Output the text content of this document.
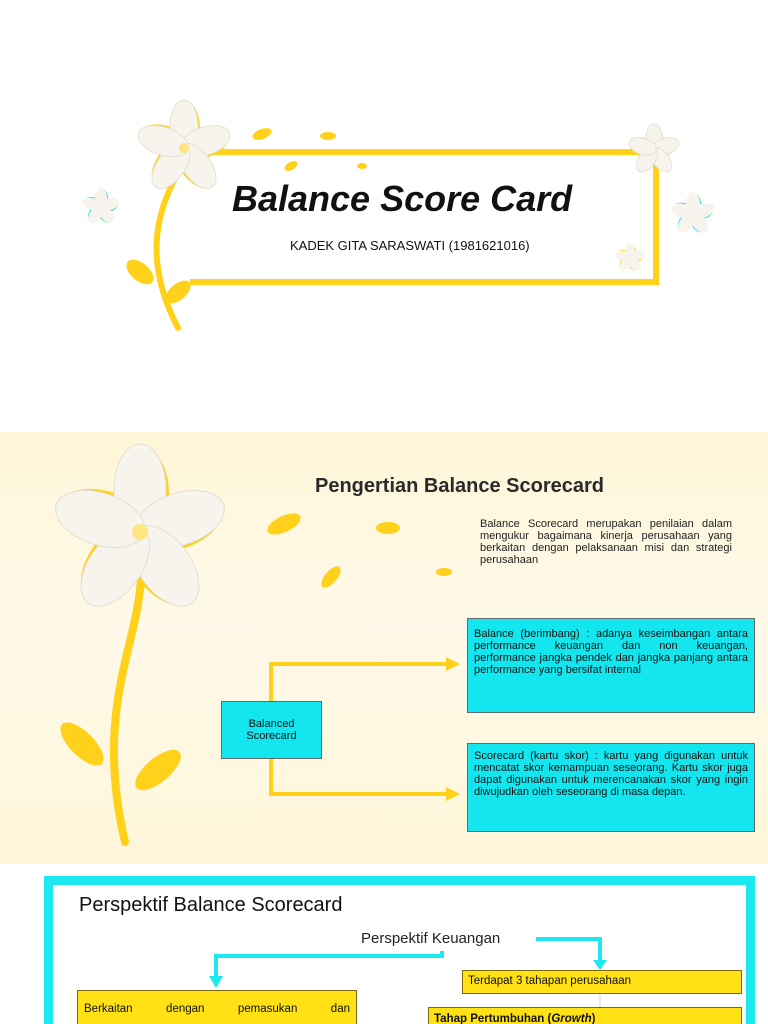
Balance Score Card
KADEK GITA SARASWATI (1981621016)
Pengertian Balance Scorecard
Balance Scorecard merupakan penilaian dalam mengukur bagaimana kinerja perusahaan yang berkaitan dengan pelaksanaan misi dan strategi perusahaan
Balanced Scorecard
Balance (berimbang) : adanya keseimbangan antara performance keuangan dan non keuangan, performance jangka pendek dan jangka panjang antara performance yang bersifat internal
Scorecard (kartu skor) : kartu yang digunakan untuk mencatat skor kemampuan seseorang. Kartu skor juga dapat digunakan untuk merencanakan skor yang ingin diwujudkan oleh seseorang di masa depan.
Perspektif Balance Scorecard
Perspektif Keuangan
Terdapat 3 tahapan perusahaan
Berkaitan dengan pemasukan dan
Tahap Pertumbuhan (Growth)
